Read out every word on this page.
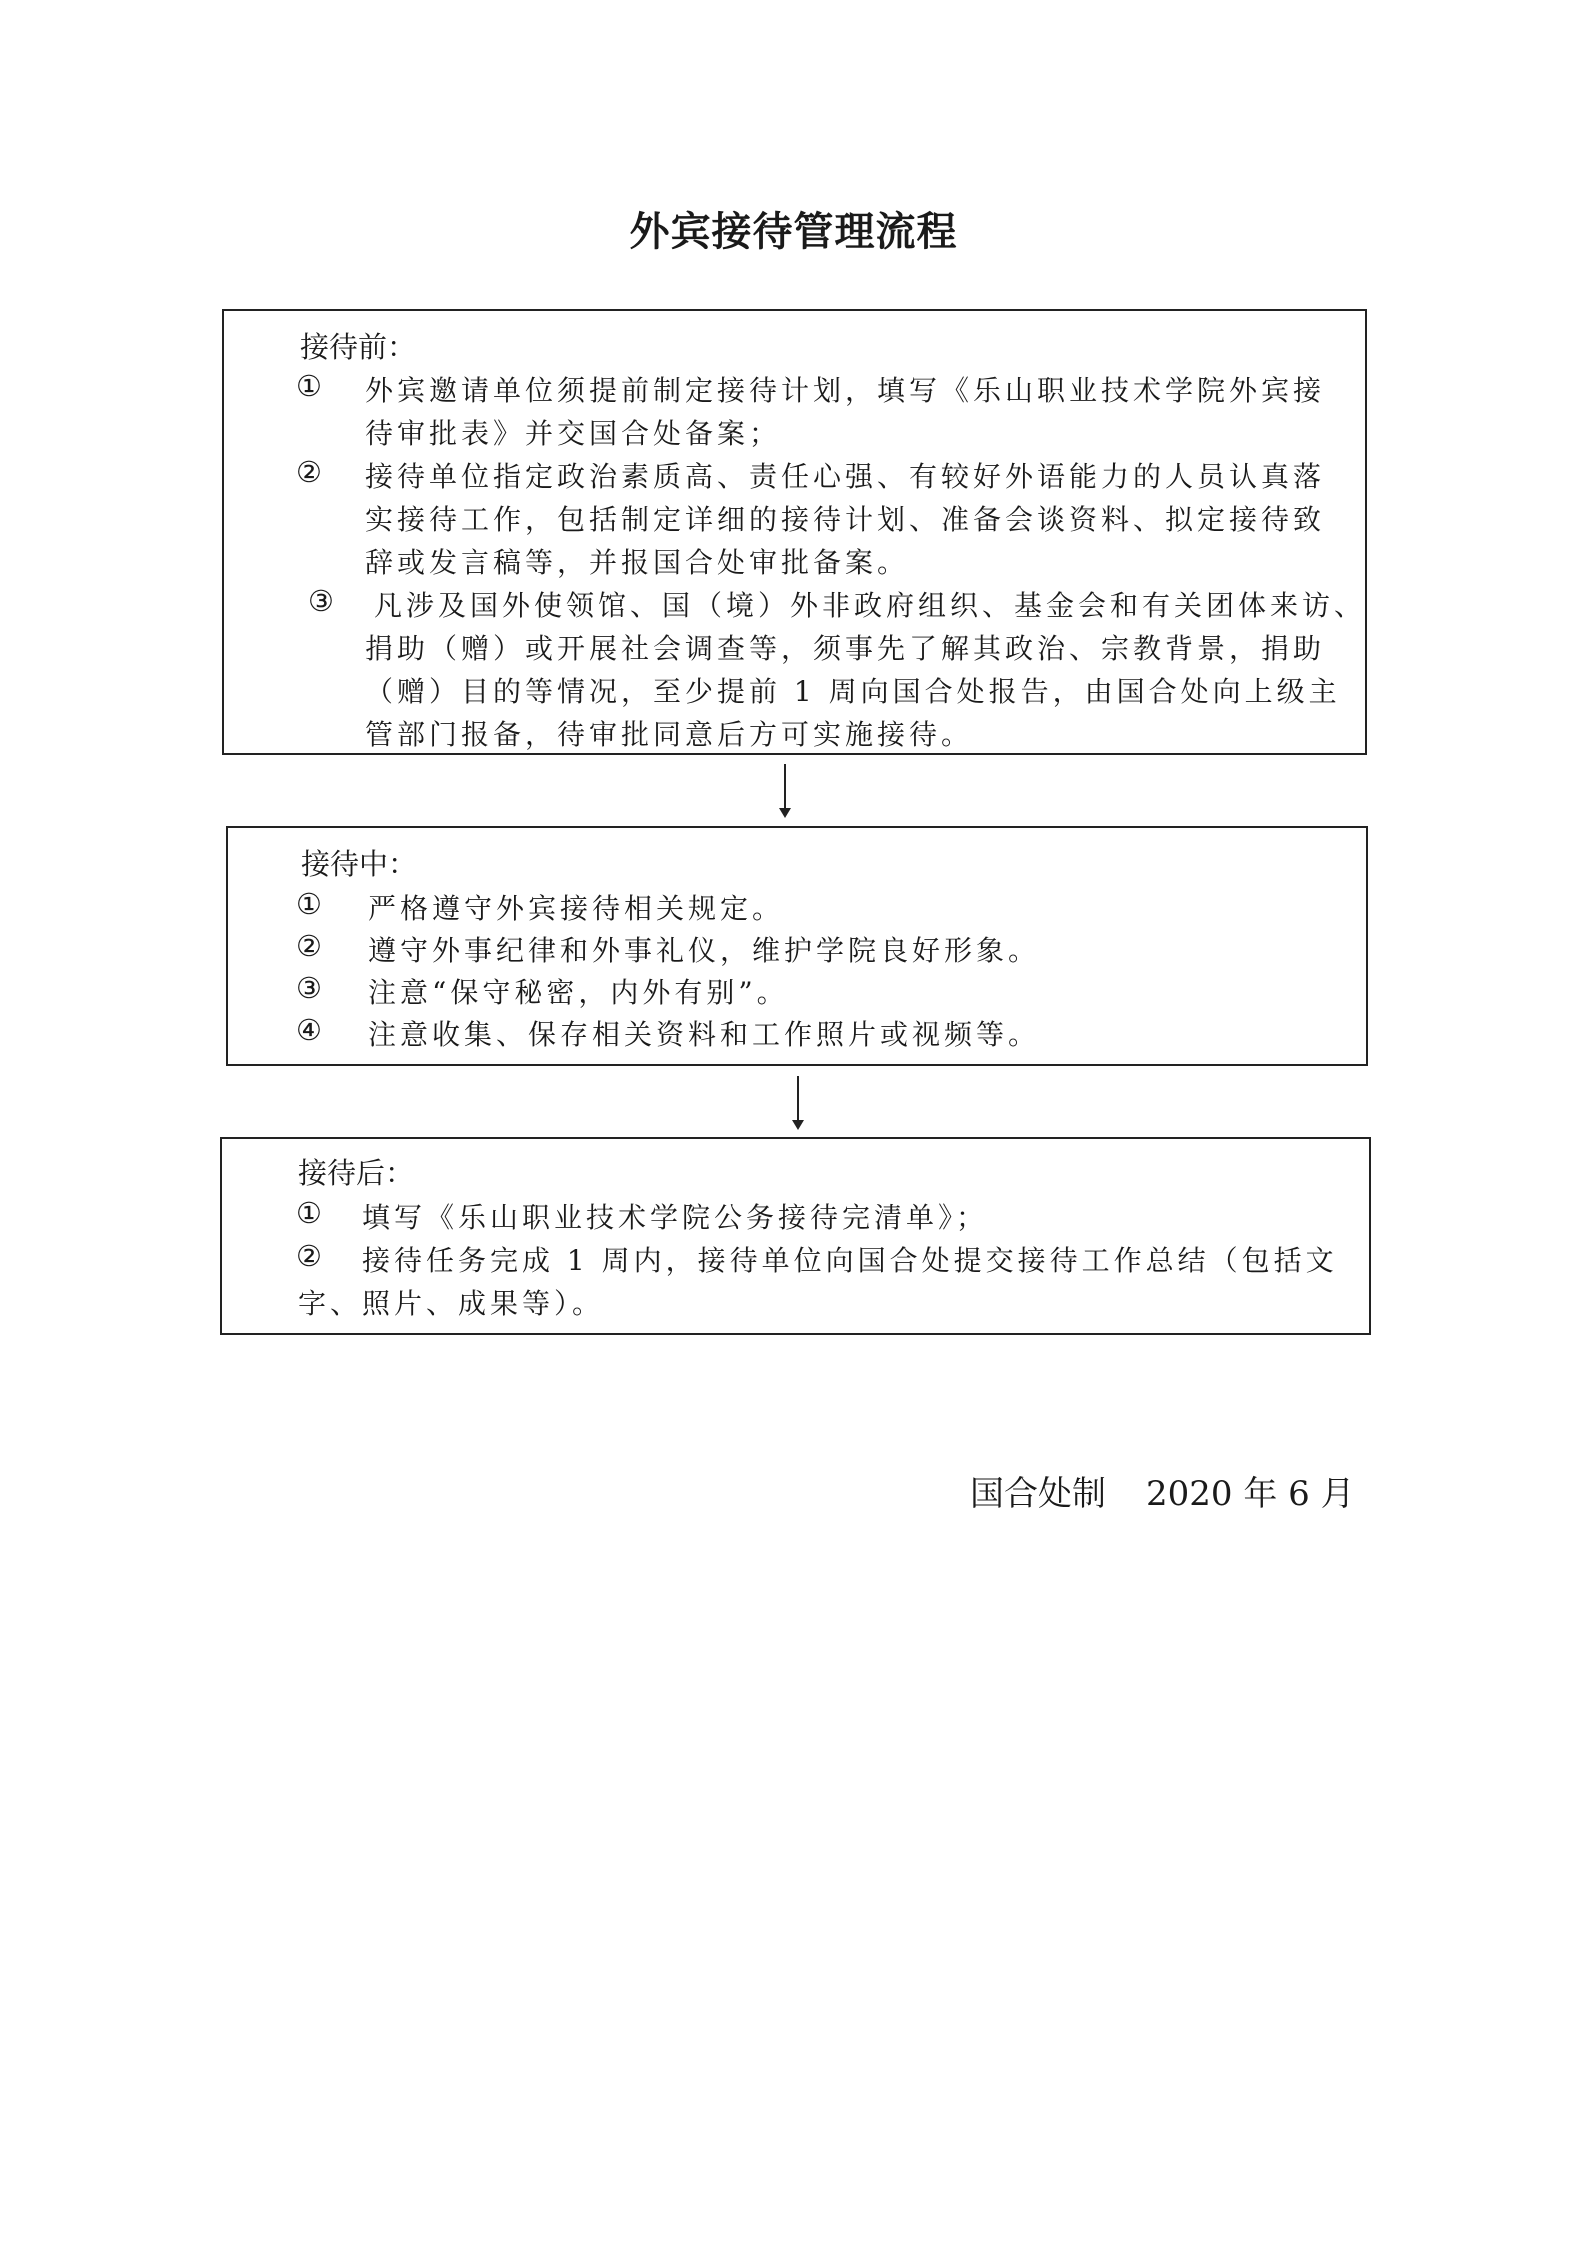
外宾接待管理流程
接待前：
① 外宾邀请单位须提前制定接待计划，填写《乐山职业技术学院外宾接
待审批表》并交国合处备案；
② 接待单位指定政治素质高、责任心强、有较好外语能力的人员认真落
实接待工作，包括制定详细的接待计划、准备会谈资料、拟定接待致
辞或发言稿等，并报国合处审批备案。
③ 凡涉及国外使领馆、国（境）外非政府组织、基金会和有关团体来访、
捐助（赠）或开展社会调查等，须事先了解其政治、宗教背景，捐助
（赠）目的等情况，至少提前 1 周向国合处报告，由国合处向上级主
管部门报备，待审批同意后方可实施接待。
接待中：
① 严格遵守外宾接待相关规定。
② 遵守外事纪律和外事礼仪，维护学院良好形象。
③ 注意“保守秘密，内外有别”。
④ 注意收集、保存相关资料和工作照片或视频等。
接待后：
① 填写《乐山职业技术学院公务接待完清单》；
② 接待任务完成 1 周内，接待单位向国合处提交接待工作总结（包括文
字、照片、成果等）。
国合处制 2020 年 6 月
